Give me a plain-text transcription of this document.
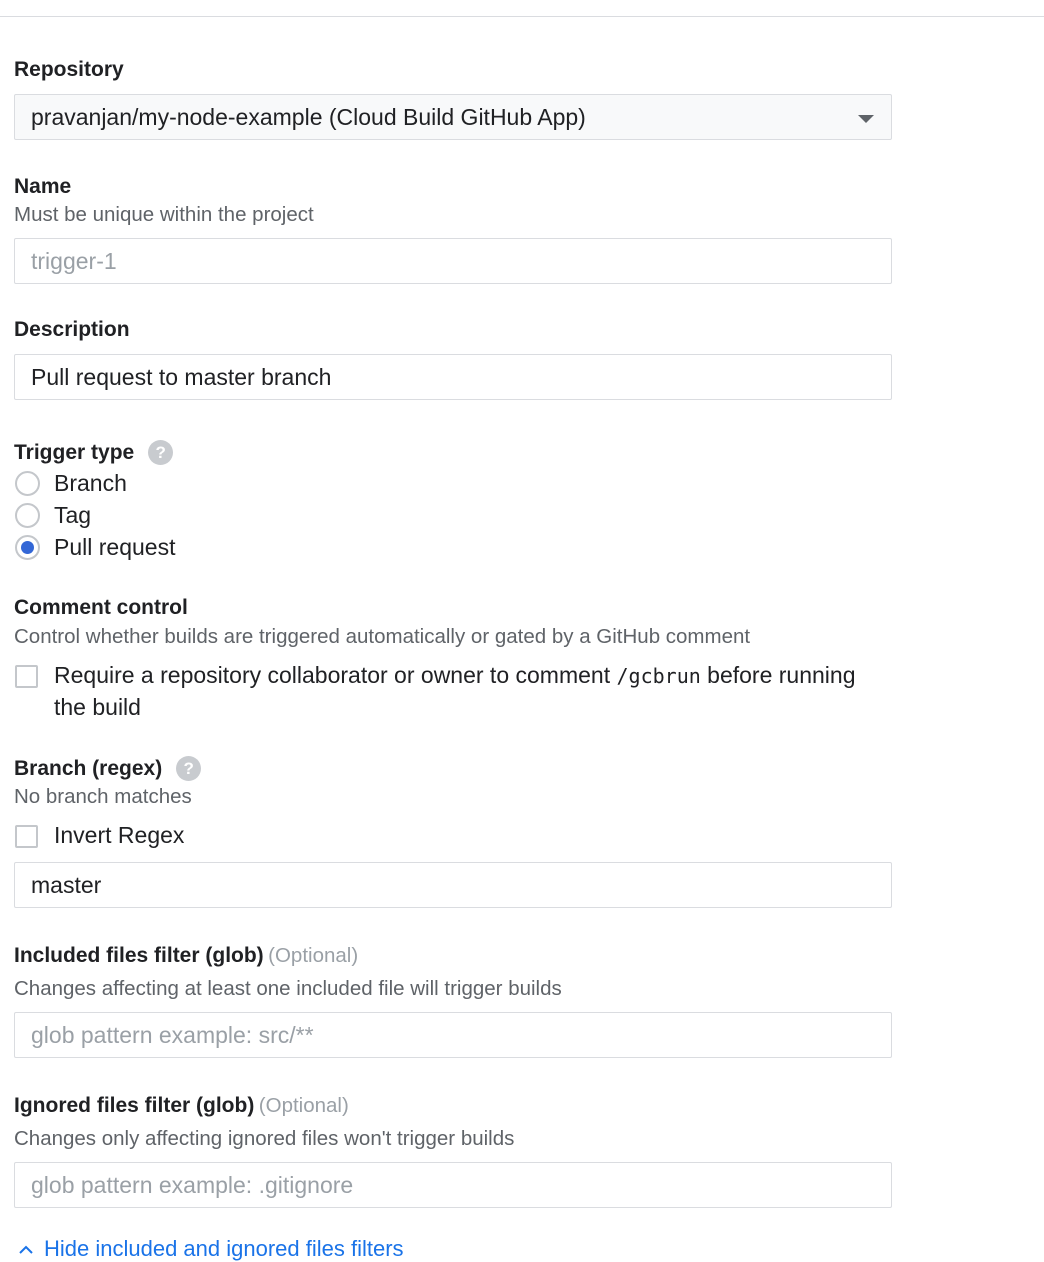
Repository
pravanjan/my-node-example (Cloud Build GitHub App)
Name
Must be unique within the project
trigger-1
Description
Pull request to master branch
Trigger type	?
Branch
Tag
Pull request
Comment control
Control whether builds are triggered automatically or gated by a GitHub comment
Require a repository collaborator or owner to comment /gcbrun before running
the build
Branch (regex)	?
No branch matches
Invert Regex
master
Included files filter (glob) (Optional)
Changes affecting at least one included file will trigger builds
glob pattern example: src/**
Ignored files filter (glob) (Optional)
Changes only affecting ignored files won't trigger builds
glob pattern example: .gitignore
Hide included and ignored files filters
